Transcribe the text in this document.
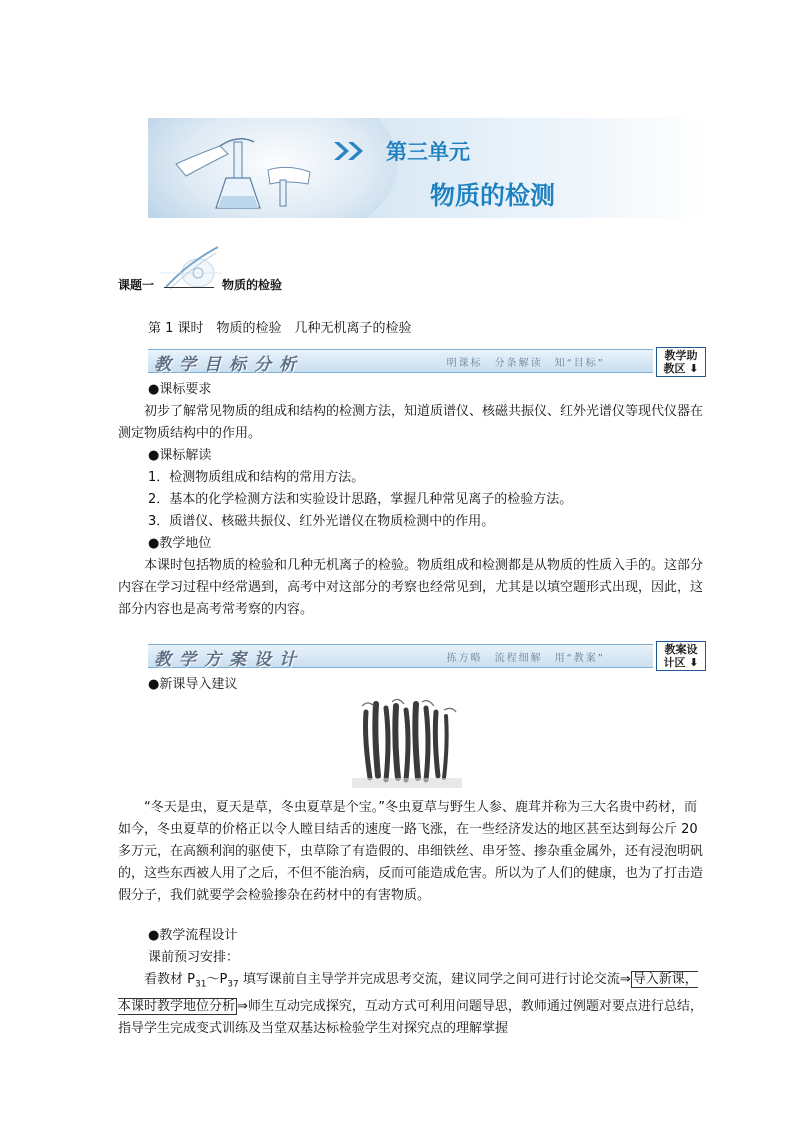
第三单元
物质的检测
课题一	物质的检验
第 1 课时　物质的检验　几种无机离子的检验
教学目标分析	明课标　分条解读　知“目标”
教学助
教区 ⬇
●课标要求
初步了解常见物质的组成和结构的检测方法，知道质谱仪、核磁共振仪、红外光谱仪等现代仪器在测定物质结构中的作用。
●课标解读
1．检测物质组成和结构的常用方法。
2．基本的化学检测方法和实验设计思路，掌握几种常见离子的检验方法。
3．质谱仪、核磁共振仪、红外光谱仪在物质检测中的作用。
●教学地位
本课时包括物质的检验和几种无机离子的检验。物质组成和检测都是从物质的性质入手的。这部分内容在学习过程中经常遇到，高考中对这部分的考察也经常见到，尤其是以填空题形式出现，因此，这部分内容也是高考常考察的内容。
教学方案设计	拣方略　流程细解　用“教案”
教案设
计区 ⬇
●新课导入建议
“冬天是虫，夏天是草，冬虫夏草是个宝。”冬虫夏草与野生人参、鹿茸并称为三大名贵中药材，而如今，冬虫夏草的价格正以令人瞠目结舌的速度一路飞涨，在一些经济发达的地区甚至达到每公斤 20 多万元，在高额利润的驱使下，虫草除了有造假的、串细铁丝、串牙签、掺杂重金属外，还有浸泡明矾的，这些东西被人用了之后，不但不能治病，反而可能造成危害。所以为了人们的健康，也为了打击造假分子，我们就要学会检验掺杂在药材中的有害物质。
●教学流程设计
课前预习安排：
看教材 $P_{31}\sim P_{37}$ 填写课前自主导学并完成思考交流，建议同学之间可进行讨论交流⇒ 导入新课，本课时教学地位分析 ⇒师生互动完成探究，互动方式可利用问题导思，教师通过例题对要点进行总结，指导学生完成变式训练及当堂双基达标检验学生对探究点的理解掌握
